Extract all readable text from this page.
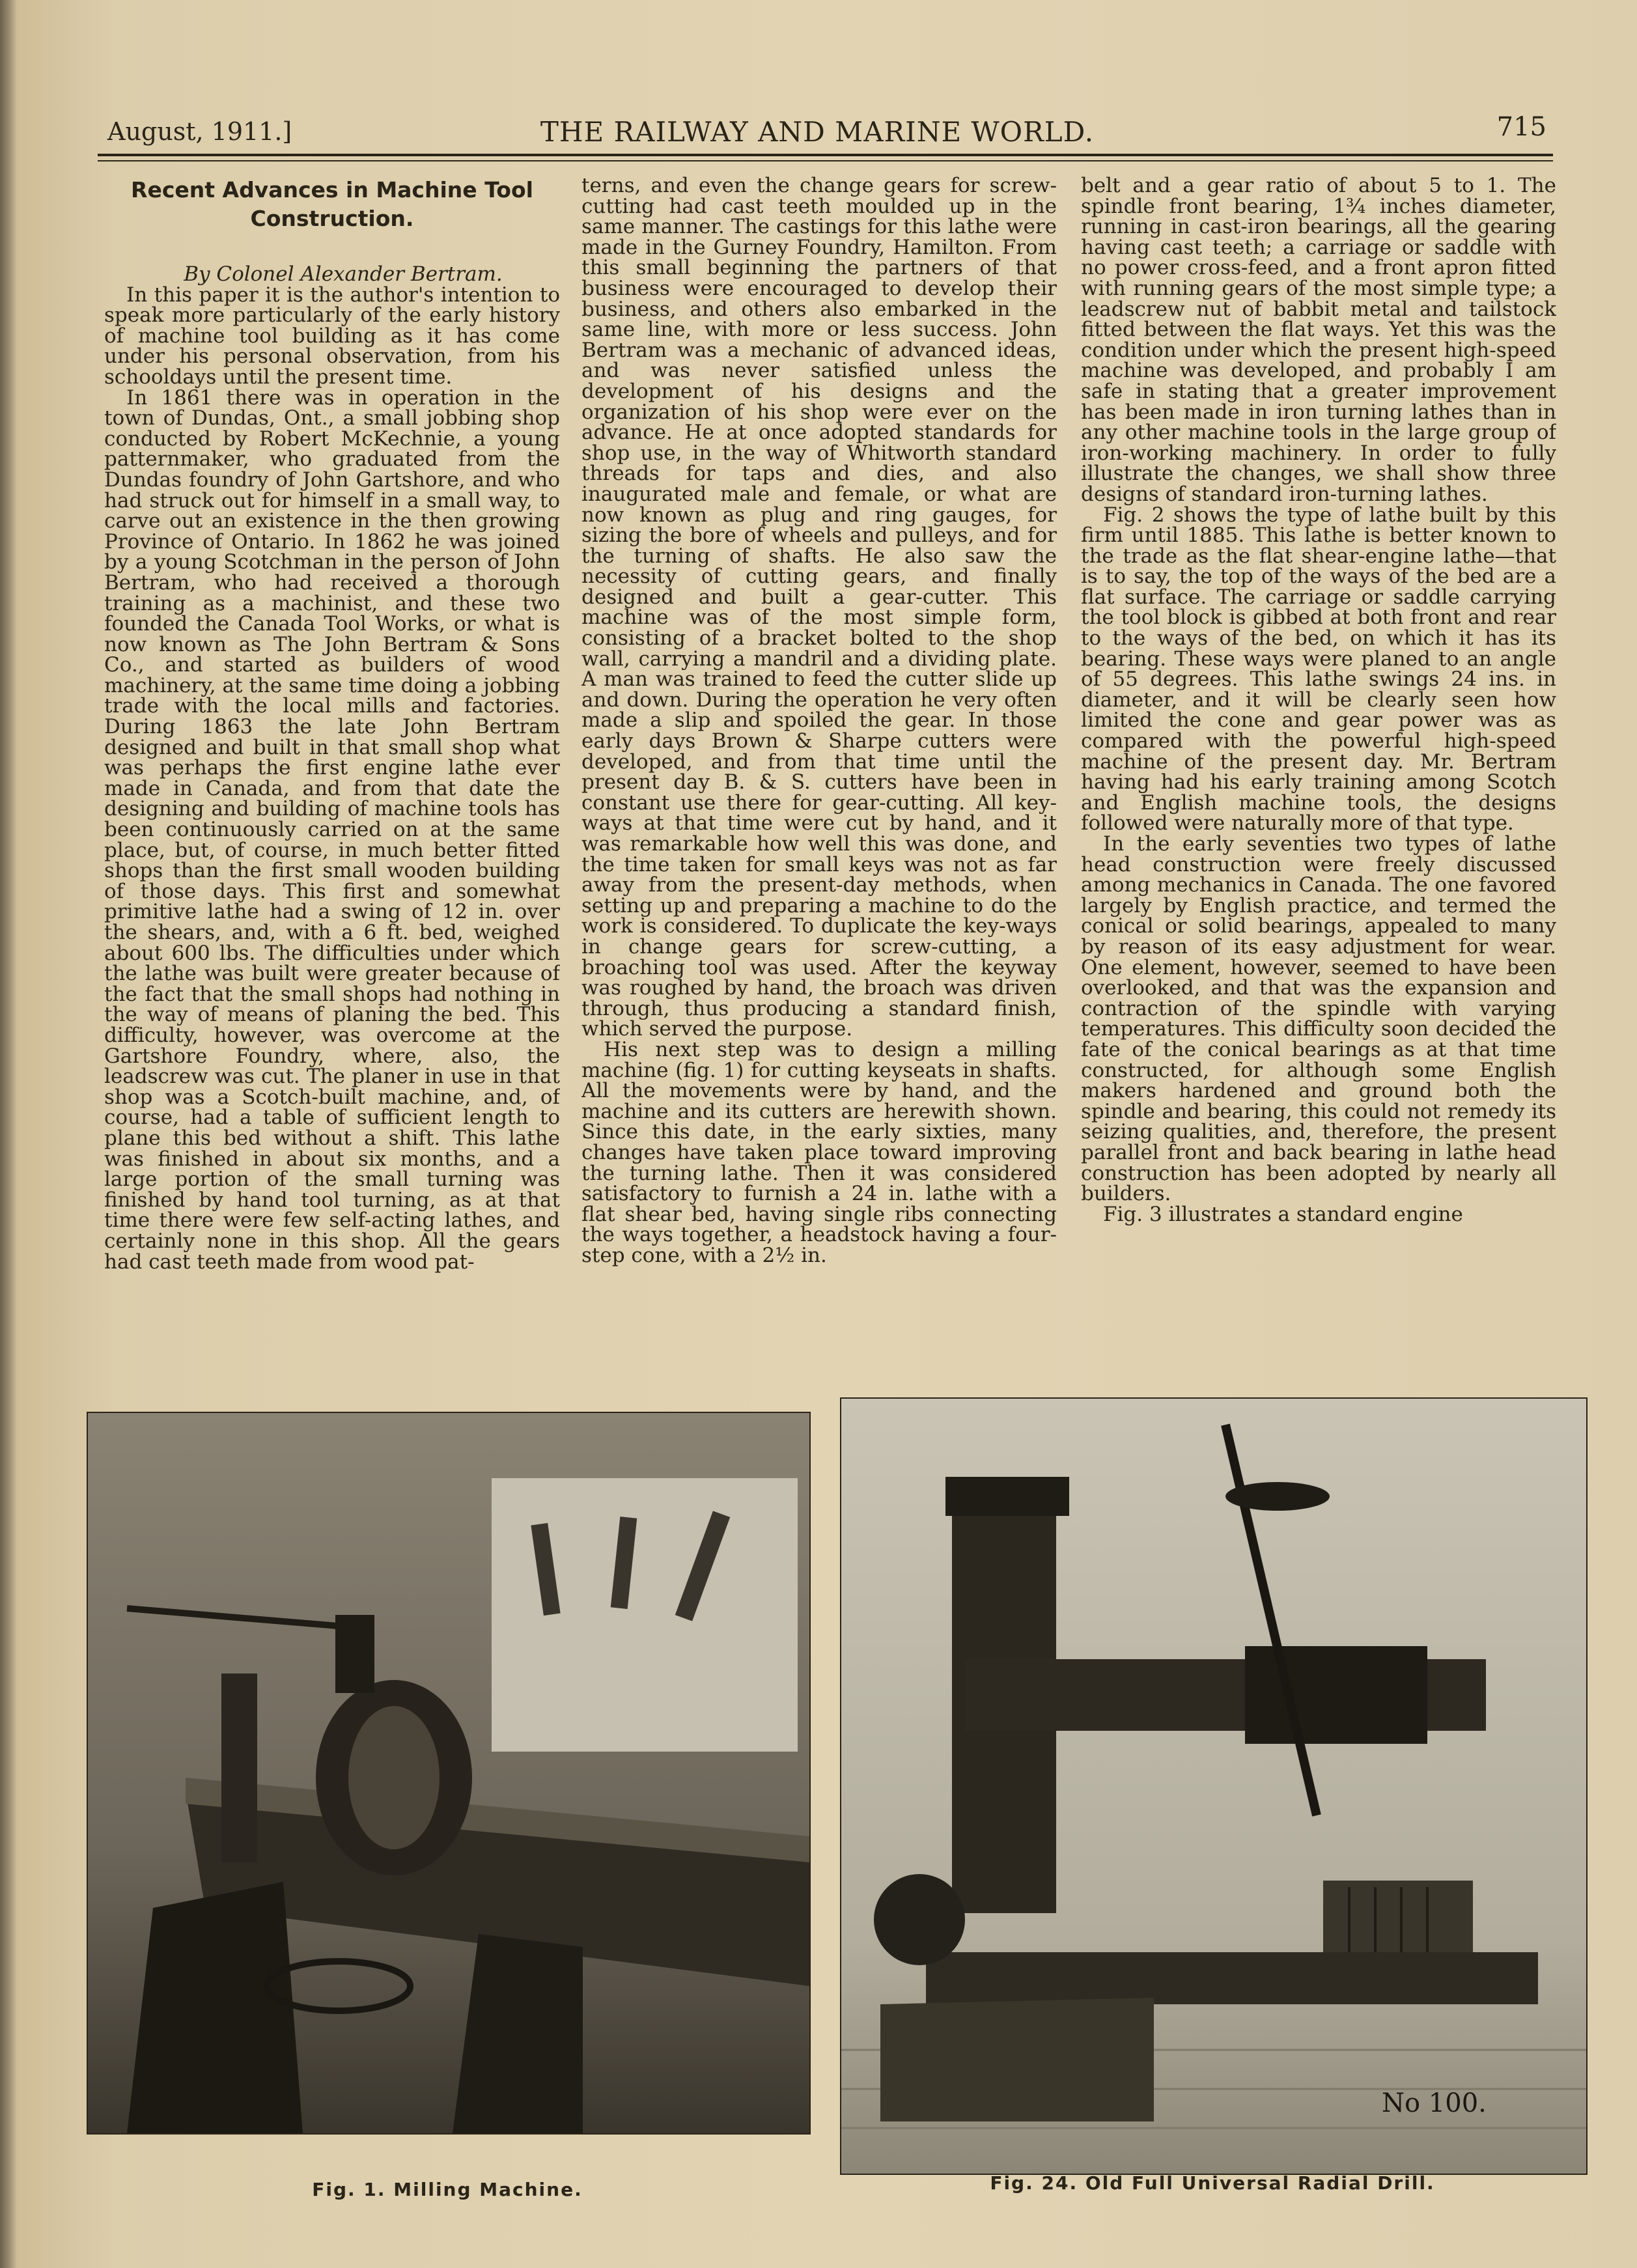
August, 1911.]	THE RAILWAY AND MARINE WORLD.	715
Recent Advances in Machine Tool Construction.

By Colonel Alexander Bertram.

In this paper it is the author's intention to speak more particularly of the early history of machine tool building as it has come under his personal observation, from his schooldays until the present time.

In 1861 there was in operation in the town of Dundas, Ont., a small jobbing shop conducted by Robert McKechnie, a young patternmaker, who graduated from the Dundas foundry of John Gartshore, and who had struck out for himself in a small way, to carve out an existence in the then growing Province of Ontario. In 1862 he was joined by a young Scotchman in the person of John Bertram, who had received a thorough training as a machinist, and these two founded the Canada Tool Works, or what is now known as The John Bertram & Sons Co., and started as builders of wood machinery, at the same time doing a jobbing trade with the local mills and factories. During 1863 the late John Bertram designed and built in that small shop what was perhaps the first engine lathe ever made in Canada, and from that date the designing and building of machine tools has been continuously carried on at the same place, but, of course, in much better fitted shops than the first small wooden building of those days. This first and somewhat primitive lathe had a swing of 12 in. over the shears, and, with a 6 ft. bed, weighed about 600 lbs. The difficulties under which the lathe was built were greater because of the fact that the small shops had nothing in the way of means of planing the bed. This difficulty, however, was overcome at the Gartshore Foundry, where, also, the leadscrew was cut. The planer in use in that shop was a Scotch-built machine, and, of course, had a table of sufficient length to plane this bed without a shift. This lathe was finished in about six months, and a large portion of the small turning was finished by hand tool turning, as at that time there were few self-acting lathes, and certainly none in this shop. All the gears had cast teeth made from wood pat-

terns, and even the change gears for screw-cutting had cast teeth moulded up in the same manner. The castings for this lathe were made in the Gurney Foundry, Hamilton. From this small beginning the partners of that business were encouraged to develop their business, and others also embarked in the same line, with more or less success. John Bertram was a mechanic of advanced ideas, and was never satisfied unless the development of his designs and the organization of his shop were ever on the advance. He at once adopted standards for shop use, in the way of Whitworth standard threads for taps and dies, and also inaugurated male and female, or what are now known as plug and ring gauges, for sizing the bore of wheels and pulleys, and for the turning of shafts. He also saw the necessity of cutting gears, and finally designed and built a gear-cutter. This machine was of the most simple form, consisting of a bracket bolted to the shop wall, carrying a mandril and a dividing plate. A man was trained to feed the cutter slide up and down. During the operation he very often made a slip and spoiled the gear. In those early days Brown & Sharpe cutters were developed, and from that time until the present day B. & S. cutters have been in constant use there for gear-cutting. All key-ways at that time were cut by hand, and it was remarkable how well this was done, and the time taken for small keys was not as far away from the present-day methods, when setting up and preparing a machine to do the work is considered. To duplicate the key-ways in change gears for screw-cutting, a broaching tool was used. After the keyway was roughed by hand, the broach was driven through, thus producing a standard finish, which served the purpose.

His next step was to design a milling machine (fig. 1) for cutting keyseats in shafts. All the movements were by hand, and the machine and its cutters are herewith shown. Since this date, in the early sixties, many changes have taken place toward improving the turning lathe. Then it was considered satisfactory to furnish a 24 in. lathe with a flat shear bed, having single ribs connecting the ways together, a headstock having a four-step cone, with a 2½ in.

belt and a gear ratio of about 5 to 1. The spindle front bearing, 1¾ inches diameter, running in cast-iron bearings, all the gearing having cast teeth; a carriage or saddle with no power cross-feed, and a front apron fitted with running gears of the most simple type; a leadscrew nut of babbit metal and tailstock fitted between the flat ways. Yet this was the condition under which the present high-speed machine was developed, and probably I am safe in stating that a greater improvement has been made in iron turning lathes than in any other machine tools in the large group of iron-working machinery. In order to fully illustrate the changes, we shall show three designs of standard iron-turning lathes.

Fig. 2 shows the type of lathe built by this firm until 1885. This lathe is better known to the trade as the flat shear-engine lathe—that is to say, the top of the ways of the bed are a flat surface. The carriage or saddle carrying the tool block is gibbed at both front and rear to the ways of the bed, on which it has its bearing. These ways were planed to an angle of 55 degrees. This lathe swings 24 ins. in diameter, and it will be clearly seen how limited the cone and gear power was as compared with the powerful high-speed machine of the present day. Mr. Bertram having had his early training among Scotch and English machine tools, the designs followed were naturally more of that type.

In the early seventies two types of lathe head construction were freely discussed among mechanics in Canada. The one favored largely by English practice, and termed the conical or solid bearings, appealed to many by reason of its easy adjustment for wear. One element, however, seemed to have been overlooked, and that was the expansion and contraction of the spindle with varying temperatures. This difficulty soon decided the fate of the conical bearings as at that time constructed, for although some English makers hardened and ground both the spindle and bearing, this could not remedy its seizing qualities, and, therefore, the present parallel front and back bearing in lathe head construction has been adopted by nearly all builders.

Fig. 3 illustrates a standard engine

Fig. 1. Milling Machine.
No 100.
Fig. 24. Old Full Universal Radial Drill.
